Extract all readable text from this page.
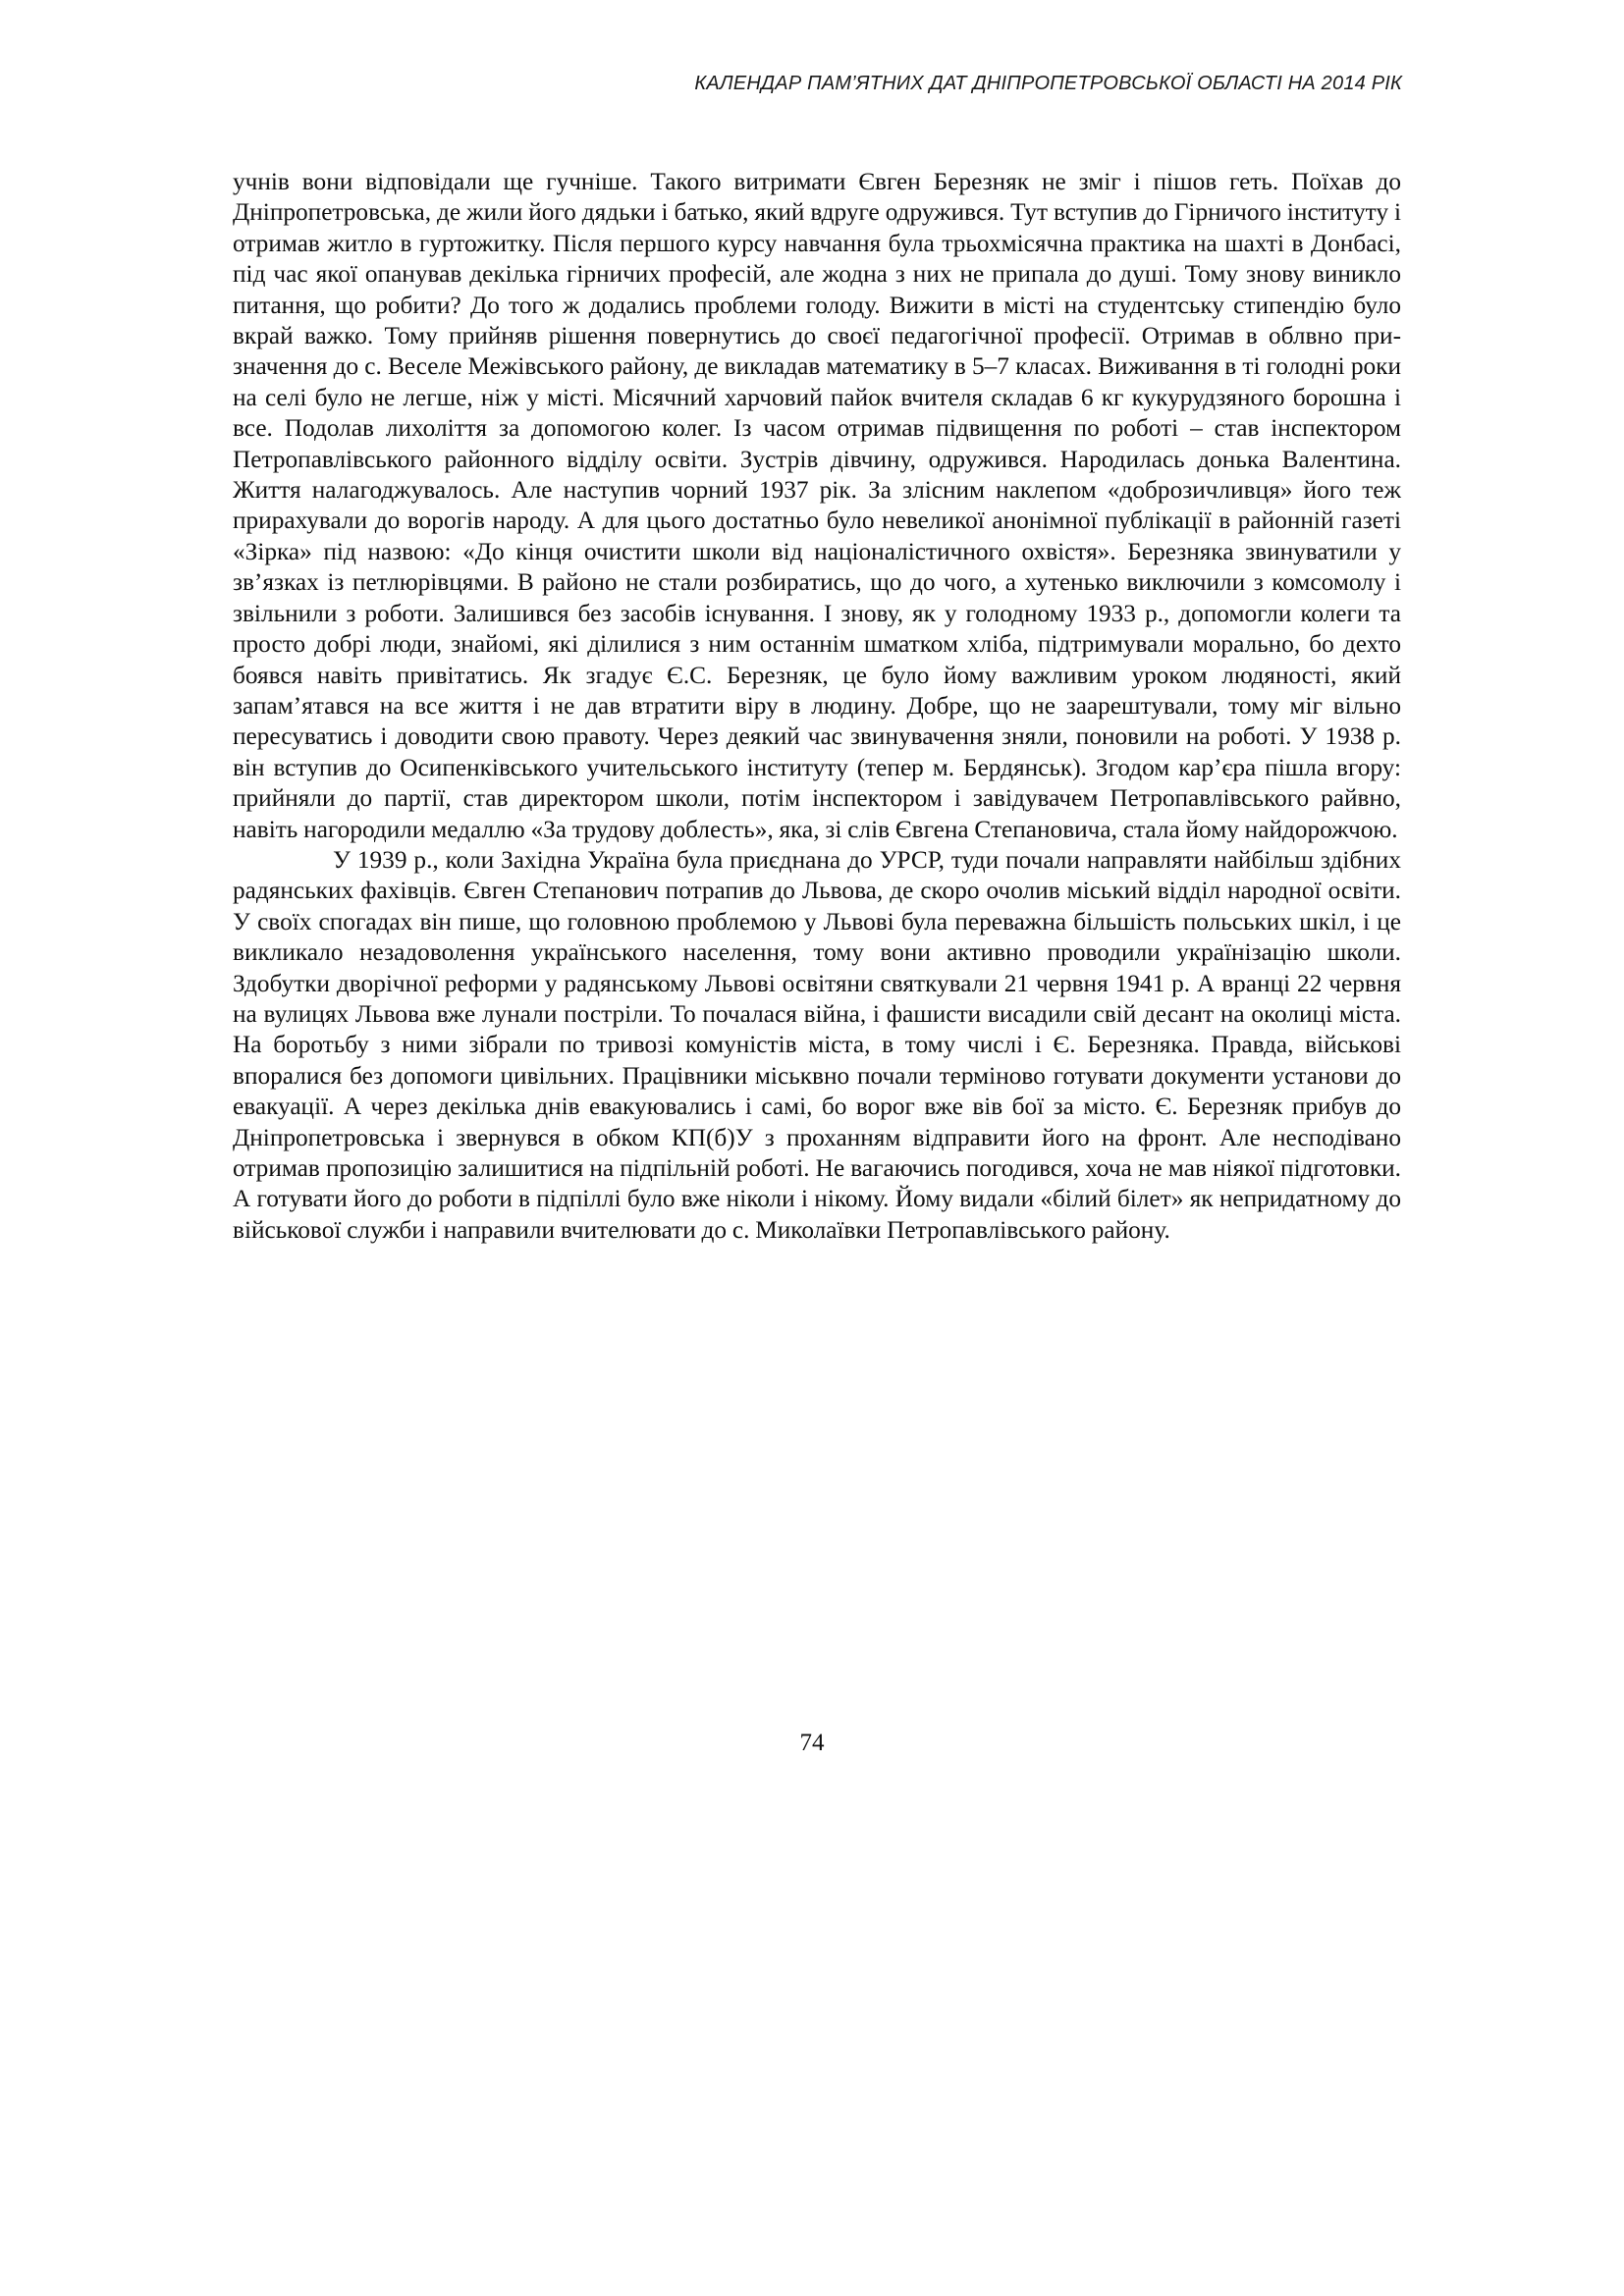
КАЛЕНДАР ПАМ’ЯТНИХ ДАТ ДНІПРОПЕТРОВСЬКОЇ ОБЛАСТІ НА 2014 РІК

учнів вони відповідали ще гучніше. Такого витримати Євген Березняк не зміг і пішов геть. Поїхав до Дніпропетровська, де жили його дядьки і батько, який вдруге одружився. Тут вступив до Гірничого інституту і отримав житло в гуртожитку. Після першого курсу навчання була трьохмісячна практика на шахті в Донбасі, під час якої опанував декілька гірничих професій, але жодна з них не припала до душі. Тому знову виникло питання, що робити? До того ж додались проблеми голоду. Вижити в місті на студентську стипендію було вкрай важко. Тому прийняв рішення повернутись до своєї педагогічної професії. Отримав в облвно при-значення до с. Веселе Межівського району, де викладав математику в 5–7 класах. Виживання в ті голодні роки на селі було не легше, ніж у місті. Місячний харчовий пайок вчителя складав 6 кг кукурудзяного борошна і все. Подолав лихоліття за допомогою колег. Із часом отримав підвищення по роботі – став інспектором Петропавлівського районного відділу освіти. Зустрів дівчину, одружився. Народилась донька Валентина. Життя налагоджувалось. Але наступив чорний 1937 рік. За злісним наклепом «доброзичливця» його теж прирахували до ворогів народу. А для цього достатньо було невеликої анонімної публікації в районній газеті «Зірка» під назвою: «До кінця очистити школи від націоналістичного охвістя». Березняка звинуватили у зв’язках із петлюрівцями. В районо не стали розбиратись, що до чого, а хутенько виключили з комсомолу і звільнили з роботи. Залишився без засобів існування. І знову, як у голодному 1933 р., допомогли колеги та просто добрі люди, знайомі, які ділилися з ним останнім шматком хліба, підтримували морально, бо дехто боявся навіть привітатись. Як згадує Є.С. Березняк, це було йому важливим уроком людяності, який запам’ятався на все життя і не дав втратити віру в людину. Добре, що не заарештували, тому міг вільно пересуватись і доводити свою правоту. Через деякий час звинувачення зняли, поновили на роботі. У 1938 р. він вступив до Осипенківського учительського інституту (тепер м. Бердянськ). Згодом кар’єра пішла вгору: прийняли до партії, став директором школи, потім інспектором і завідувачем Петропавлівського райвно, навіть нагородили медаллю «За трудову доблесть», яка, зі слів Євгена Степановича, стала йому найдорожчою.

У 1939 р., коли Західна Україна була приєднана до УРСР, туди почали направляти найбільш здібних радянських фахівців. Євген Степанович потрапив до Львова, де скоро очолив міський відділ народної освіти. У своїх спогадах він пише, що головною проблемою у Львові була переважна більшість польських шкіл, і це викликало незадоволення українського населення, тому вони активно проводили українізацію школи. Здобутки дворічної реформи у радянському Львові освітяни святкували 21 червня 1941 р. А вранці 22 червня на вулицях Львова вже лунали постріли. То почалася війна, і фашисти висадили свій десант на околиці міста. На боротьбу з ними зібрали по тривозі комуністів міста, в тому числі і Є. Березняка. Правда, військові впоралися без допомоги цивільних. Працівники міськвно почали терміново готувати документи установи до евакуації. А через декілька днів евакуювались і самі, бо ворог вже вів бої за місто. Є. Березняк прибув до Дніпропетровська і звернувся в обком КП(б)У з проханням відправити його на фронт. Але несподівано отримав пропозицію залишитися на підпільній роботі. Не вагаючись погодився, хоча не мав ніякої підготовки. А готувати його до роботи в підпіллі було вже ніколи і нікому. Йому видали «білий білет» як непридатному до військової служби і направили вчителювати до с. Миколаївки Петропавлівського району.

74
